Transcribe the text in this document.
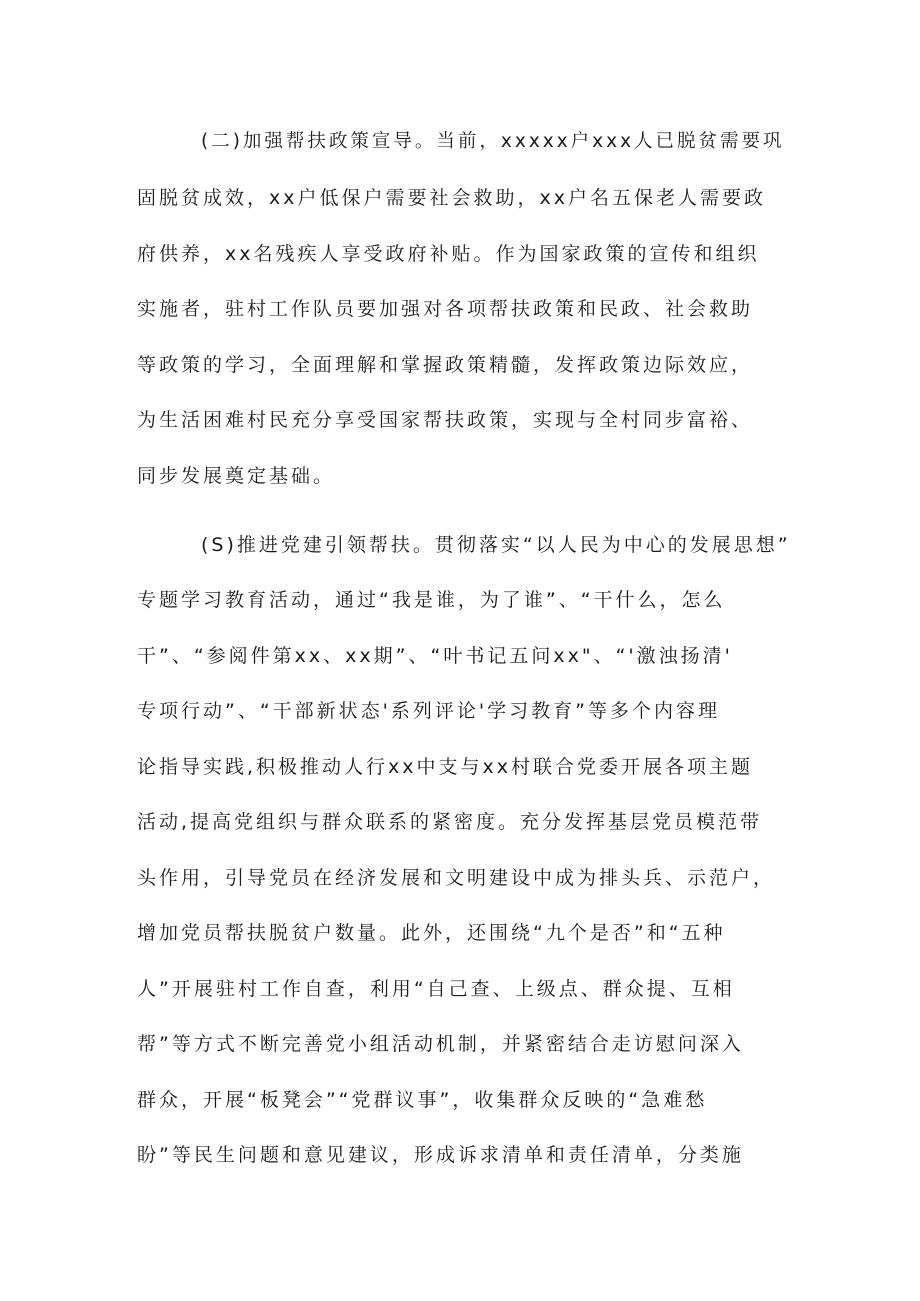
(二)加强帮扶政策宣导。当前，xxxxx户xxx人已脱贫需要巩
固脱贫成效，xx户低保户需要社会救助，xx户名五保老人需要政
府供养，xx名残疾人享受政府补贴。作为国家政策的宣传和组织
实施者，驻村工作队员要加强对各项帮扶政策和民政、社会救助
等政策的学习，全面理解和掌握政策精髓，发挥政策边际效应，
为生活困难村民充分享受国家帮扶政策，实现与全村同步富裕、
同步发展奠定基础。
(S)推进党建引领帮扶。贯彻落实“以人民为中心的发展思想”
专题学习教育活动，通过“我是谁，为了谁”、“干什么，怎么
干”、“参阅件第xx、xx期”、“叶书记五问xx"、“'激浊扬清'
专项行动”、“干部新状态'系列评论'学习教育”等多个内容理
论指导实践,积极推动人行xx中支与xx村联合党委开展各项主题
活动,提高党组织与群众联系的紧密度。充分发挥基层党员模范带
头作用，引导党员在经济发展和文明建设中成为排头兵、示范户，
增加党员帮扶脱贫户数量。此外，还围绕“九个是否”和“五种
人”开展驻村工作自查，利用“自己查、上级点、群众提、互相
帮”等方式不断完善党小组活动机制，并紧密结合走访慰问深入
群众，开展“板凳会”“党群议事”，收集群众反映的“急难愁
盼”等民生问题和意见建议，形成诉求清单和责任清单，分类施
